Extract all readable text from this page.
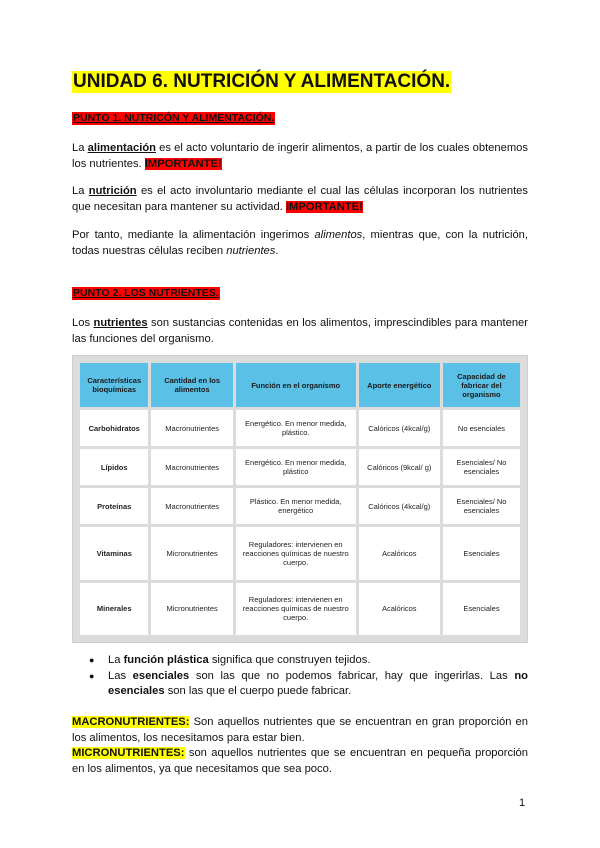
UNIDAD 6. NUTRICIÓN Y ALIMENTACIÓN.
PUNTO 1. NUTRICÓN Y ALIMENTACIÓN.
La alimentación es el acto voluntario de ingerir alimentos, a partir de los cuales obtenemos los nutrientes. IMPORTANTE!
La nutrición es el acto involuntario mediante el cual las células incorporan los nutrientes que necesitan para mantener su actividad. IMPORTANTE!
Por tanto, mediante la alimentación ingerimos alimentos, mientras que, con la nutrición, todas nuestras células reciben nutrientes.
PUNTO 2. LOS NUTRIENTES.
Los nutrientes son sustancias contenidas en los alimentos, imprescindibles para mantener las funciones del organismo.
Características bioquímicas	Cantidad en los alimentos	Función en el organismo	Aporte energético	Capacidad de fabricar del organismo
Carbohidratos	Macronutrientes	Energético. En menor medida, plástico.	Calóricos (4kcal/g)	No esenciales
Lípidos	Macronutrientes	Energético. En menor medida, plástico	Calóricos (9kcal/ g)	Esenciales/ No esenciales
Proteínas	Macronutrientes	Plástico. En menor medida, energético	Calóricos (4kcal/g)	Esenciales/ No esenciales
Vitaminas	Micronutrientes	Reguladores: intervienen en reacciones químicas de nuestro cuerpo.	Acalóricos	Esenciales
Minerales	Micronutrientes	Reguladores: intervienen en reacciones químicas de nuestro cuerpo.	Acalóricos	Esenciales
● La función plástica significa que construyen tejidos.
● Las esenciales son las que no podemos fabricar, hay que ingerirlas. Las no esenciales son las que el cuerpo puede fabricar.
MACRONUTRIENTES: Son aquellos nutrientes que se encuentran en gran proporción en los alimentos, los necesitamos para estar bien.
MICRONUTRIENTES: son aquellos nutrientes que se encuentran en pequeña proporción en los alimentos, ya que necesitamos que sea poco.
1
